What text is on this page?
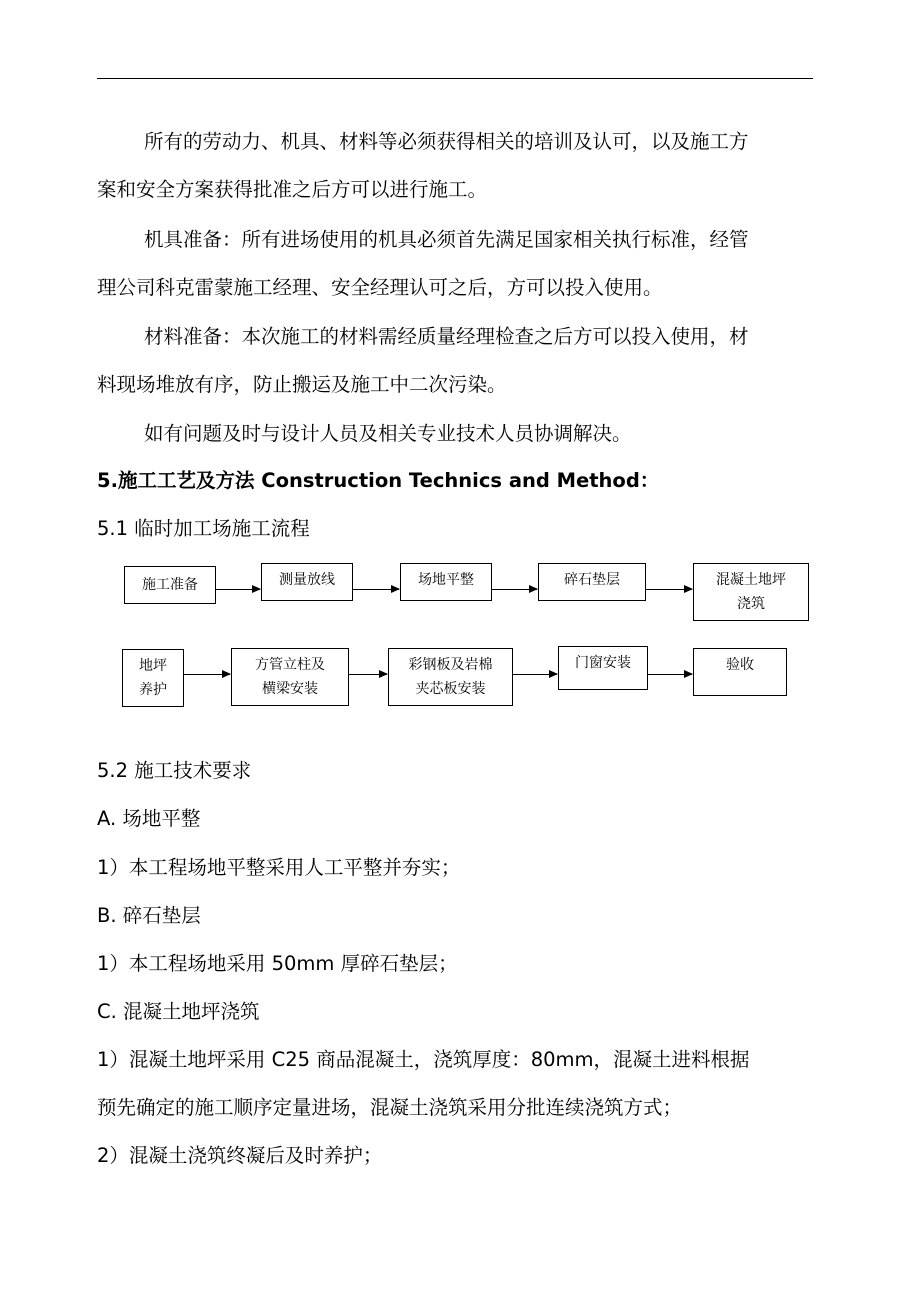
所有的劳动力、机具、材料等必须获得相关的培训及认可，以及施工方
案和安全方案获得批准之后方可以进行施工。
机具准备：所有进场使用的机具必须首先满足国家相关执行标准，经管
理公司科克雷蒙施工经理、安全经理认可之后，方可以投入使用。
材料准备：本次施工的材料需经质量经理检查之后方可以投入使用，材
料现场堆放有序，防止搬运及施工中二次污染。
如有问题及时与设计人员及相关专业技术人员协调解决。
5.施工工艺及方法 Construction Technics and Method：
5.1 临时加工场施工流程
施工准备	测量放线	场地平整	碎石垫层	混凝土地坪
浇筑
地坪
养护
方管立柱及
横梁安装
彩钢板及岩棉
夹芯板安装
门窗安装	验收
5.2 施工技术要求
A. 场地平整
1）本工程场地平整采用人工平整并夯实；
B. 碎石垫层
1）本工程场地采用 50mm 厚碎石垫层；
C. 混凝土地坪浇筑
1）混凝土地坪采用 C25 商品混凝土，浇筑厚度：80mm，混凝土进料根据
预先确定的施工顺序定量进场，混凝土浇筑采用分批连续浇筑方式；
2）混凝土浇筑终凝后及时养护；
